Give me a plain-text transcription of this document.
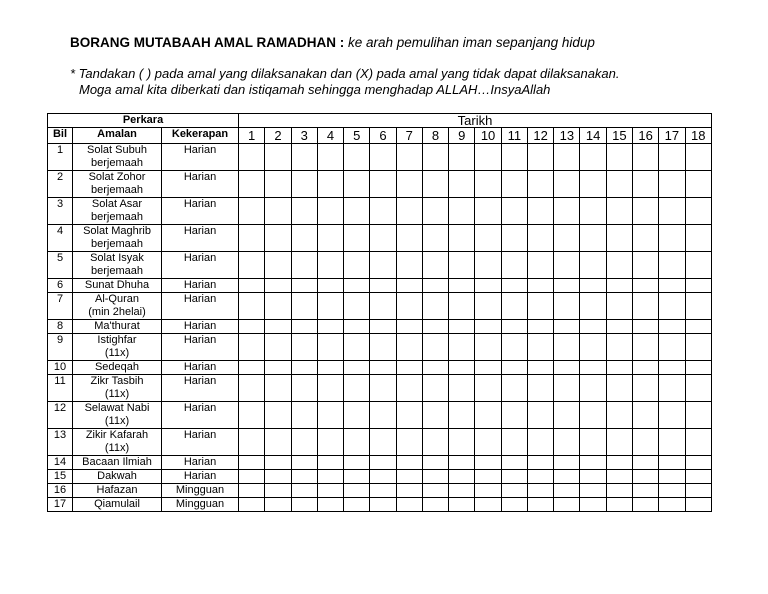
BORANG MUTABAAH AMAL RAMADHAN : ke arah pemulihan iman sepanjang hidup
* Tandakan ( ) pada amal yang dilaksanakan dan (X) pada amal yang tidak dapat dilaksanakan.
Moga amal kita diberkati dan istiqamah sehingga menghadap ALLAH…InsyaAllah
Perkara			Tarikh																	
Bil	Amalan	Kekerapan	1	2	3	4	5	6	7	8	9	10	11	12	13	14	15	16	17	18
1	Solat Subuh
berjemaah	Harian																		
2	Solat Zohor
berjemaah	Harian																		
3	Solat Asar
berjemaah	Harian																		
4	Solat Maghrib
berjemaah	Harian																		
5	Solat Isyak
berjemaah	Harian																		
6	Sunat Dhuha	Harian																		
7	Al-Quran
(min 2helai)	Harian																		
8	Ma'thurat	Harian																		
9	Istighfar
(11x)	Harian																		
10	Sedeqah	Harian																		
11	Zikr Tasbih
(11x)	Harian																		
12	Selawat Nabi
(11x)	Harian																		
13	Zikir Kafarah
(11x)	Harian																		
14	Bacaan Ilmiah	Harian																		
15	Dakwah	Harian																		
16	Hafazan	Mingguan																		
17	Qiamulail	Mingguan																		
